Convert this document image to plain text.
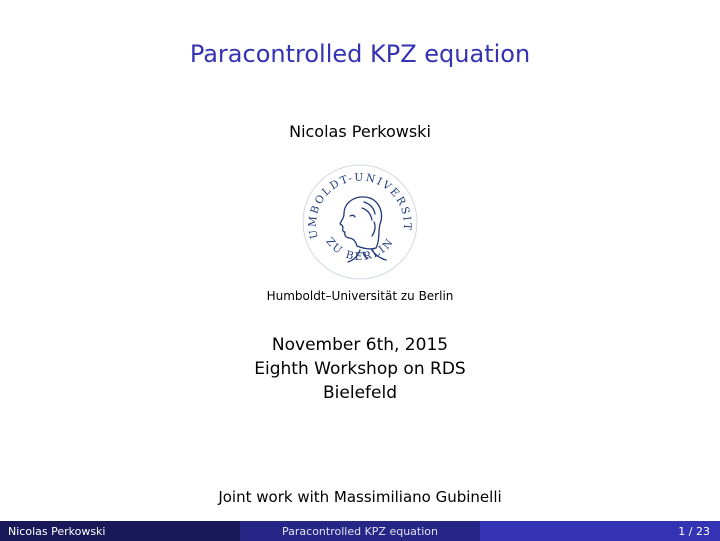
Paracontrolled KPZ equation
Nicolas Perkowski
UMBOLDT-UNIVERSIT
ZU BERLIN
Humboldt–Universität zu Berlin
November 6th, 2015
Eighth Workshop on RDS
Bielefeld
Joint work with Massimiliano Gubinelli
Nicolas Perkowski	Paracontrolled KPZ equation	1 / 23
